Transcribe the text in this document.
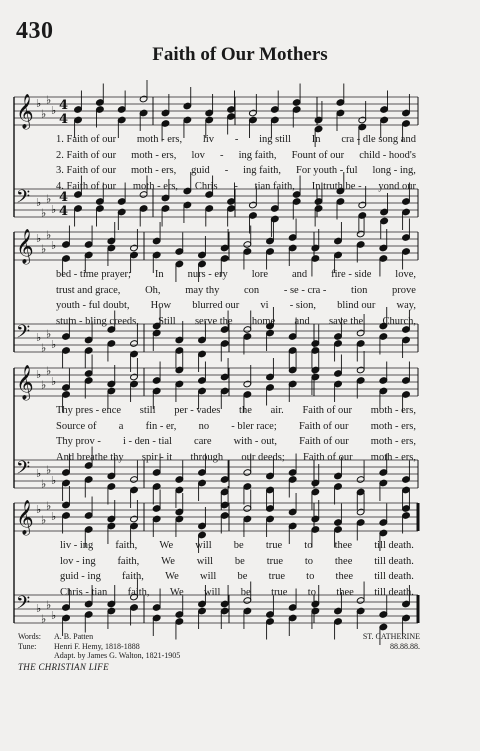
430
Faith of Our Mothers
𝄞 ♭
♭
♭
♭ 4
4
𝄢 ♭
♭
♭
♭
4
4
1. Faith of our moth - ers, liv - ing still In cra - dle song and
2. Faith of our moth - ers, lov - ing faith, Fount of our child - hood's
3. Faith of our moth - ers, guid - ing faith, For youth - ful long - ing,
4. Faith of our moth - ers, Chris - tian faith, In truth be - yond our
𝄞 ♭
♭
♭
♭
𝄢 ♭
♭
♭
♭
bed - time prayer; In nurs - ery lore and fire - side love,
trust and grace, Oh, may thy con - se - cra - tion prove
youth - ful doubt, How blurred our vi - sion, blind our way,
stum - bling creeds, Still serve the home and save the Church,
𝄞 ♭
♭
♭
♭
𝄢 ♭
♭
♭
♭
Thy pres - ence still per - vades the air. Faith of our moth - ers,
Source of a fin - er, no - bler race; Faith of our moth - ers,
Thy prov - i - den - tial care with - out, Faith of our moth - ers,
And breathe thy spir - it through our deeds; Faith of our moth - ers,
𝄞 ♭
♭
♭
♭
𝄢 ♭
♭
♭
♭
liv - ing faith, We will be true to thee till death.
lov - ing faith, We will be true to thee till death.
guid - ing faith, We will be true to thee till death.
Chris - tian faith, We will be true to thee till death.
Words: A. B. Patten
Tune: Henri F. Hemy, 1818-1888
Adapt. by James G. Walton, 1821-1905
ST. CATHERINE
88.88.88.
THE CHRISTIAN LIFE
